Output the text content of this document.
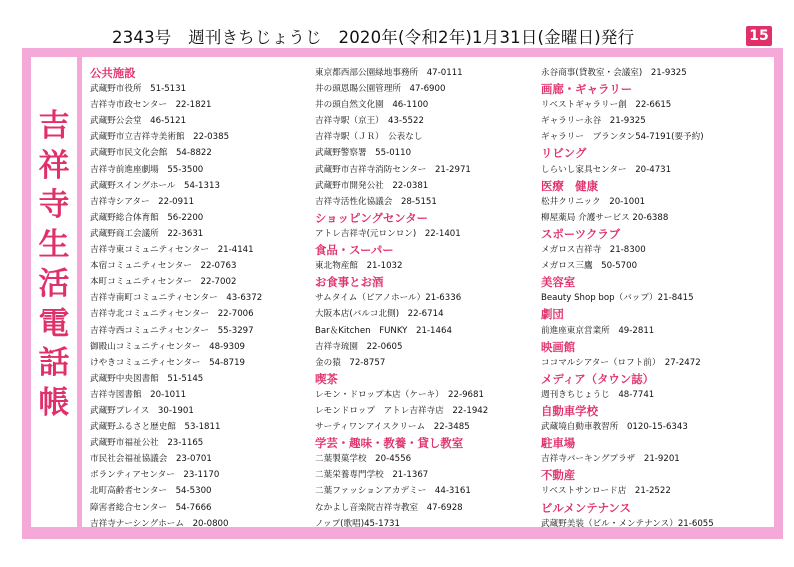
2343号　週刊きちじょうじ　2020年(令和2年)1月31日(金曜日)発行	15
吉
祥
寺
生
活
電
話
帳
公共施設
武蔵野市役所　51-5131
吉祥寺市政センター　22-1821
武蔵野公会堂　46-5121
武蔵野市立吉祥寺美術館　22-0385
武蔵野市民文化会館　54-8822
吉祥寺前進座劇場　55-3500
武蔵野スイングホール　54-1313
吉祥寺シアター　22-0911
武蔵野総合体育館　56-2200
武蔵野商工会議所　22-3631
吉祥寺東コミュニティセンター　21-4141
本宿コミュニティセンター　22-0763
本町コミュニティセンター　22-7002
吉祥寺南町コミュニティセンター　43-6372
吉祥寺北コミュニティセンター　22-7006
吉祥寺西コミュニティセンター　55-3297
御殿山コミュニティセンター　48-9309
けやきコミュニティセンター　54-8719
武蔵野中央図書館　51-5145
吉祥寺図書館　20-1011
武蔵野プレイス　30-1901
武蔵野ふるさと歴史館　53-1811
武蔵野市福祉公社　23-1165
市民社会福祉協議会　23-0701
ボランティアセンター　23-1170
北町高齢者センター　54-5300
障害者総合センター　54-7666
吉祥寺ナーシングホーム　20-0800
東京都西部公園緑地事務所　47-0111
井の頭恩賜公園管理所　47-6900
井の頭自然文化園　46-1100
吉祥寺駅（京王）　43-5522
吉祥寺駅（ＪＲ）　公表なし
武蔵野警察署　55-0110
武蔵野市吉祥寺消防センター　21-2971
武蔵野市開発公社　22-0381
吉祥寺活性化協議会　28-5151
ショッピングセンター
アトレ吉祥寺(元ロンロン)　22-1401
食品・スーパー
東北物産館　21-1032
お食事とお酒
サムタイム（ピアノホール）21-6336
大阪本店(バルコ北側)　22-6714
Bar＆Kitchen　FUNKY　21-1464
吉祥寺琉園　22-0605
金の猿　72-8757
喫茶
レモン・ドロップ本店（ケーキ）　22-9681
レモンドロップ　アトレ吉祥寺店　22-1942
サーティワンアイスクリーム　22-3485
学芸・趣味・教養・貸し教室
二葉製菓学校　20-4556
二葉栄養専門学校　21-1367
二葉ファッションアカデミー　44-3161
なかよし音楽院吉祥寺教室　47-6928
ノップ(歌唱)45-1731
永谷商事(貸教室・会議室)　21-9325
画廊・ギャラリー
リベストギャラリー創　22-6615
ギャラリー永谷　21-9325
ギャラリー　ブランタン54-7191(要予約)
リビング
しらいし家具センター　20-4731
医療　健康
松井クリニック　20-1001
柳屋薬局 介護サービス 20-6388
スポーツクラブ
メガロス吉祥寺　21-8300
メガロス三鷹　50-5700
美容室
Beauty Shop bop（バップ）21-8415
劇団
前進座東京営業所　49-2811
映画館
ココマルシアター（ロフト前）　27-2472
メディア（タウン誌）
週刊きちじょうじ　48-7741
自動車学校
武蔵境自動車教習所　0120-15-6343
駐車場
吉祥寺パーキングプラザ　21-9201
不動産
リベストサンロード店　21-2522
ビルメンテナンス
武蔵野美装（ビル・メンテナンス）21-6055
